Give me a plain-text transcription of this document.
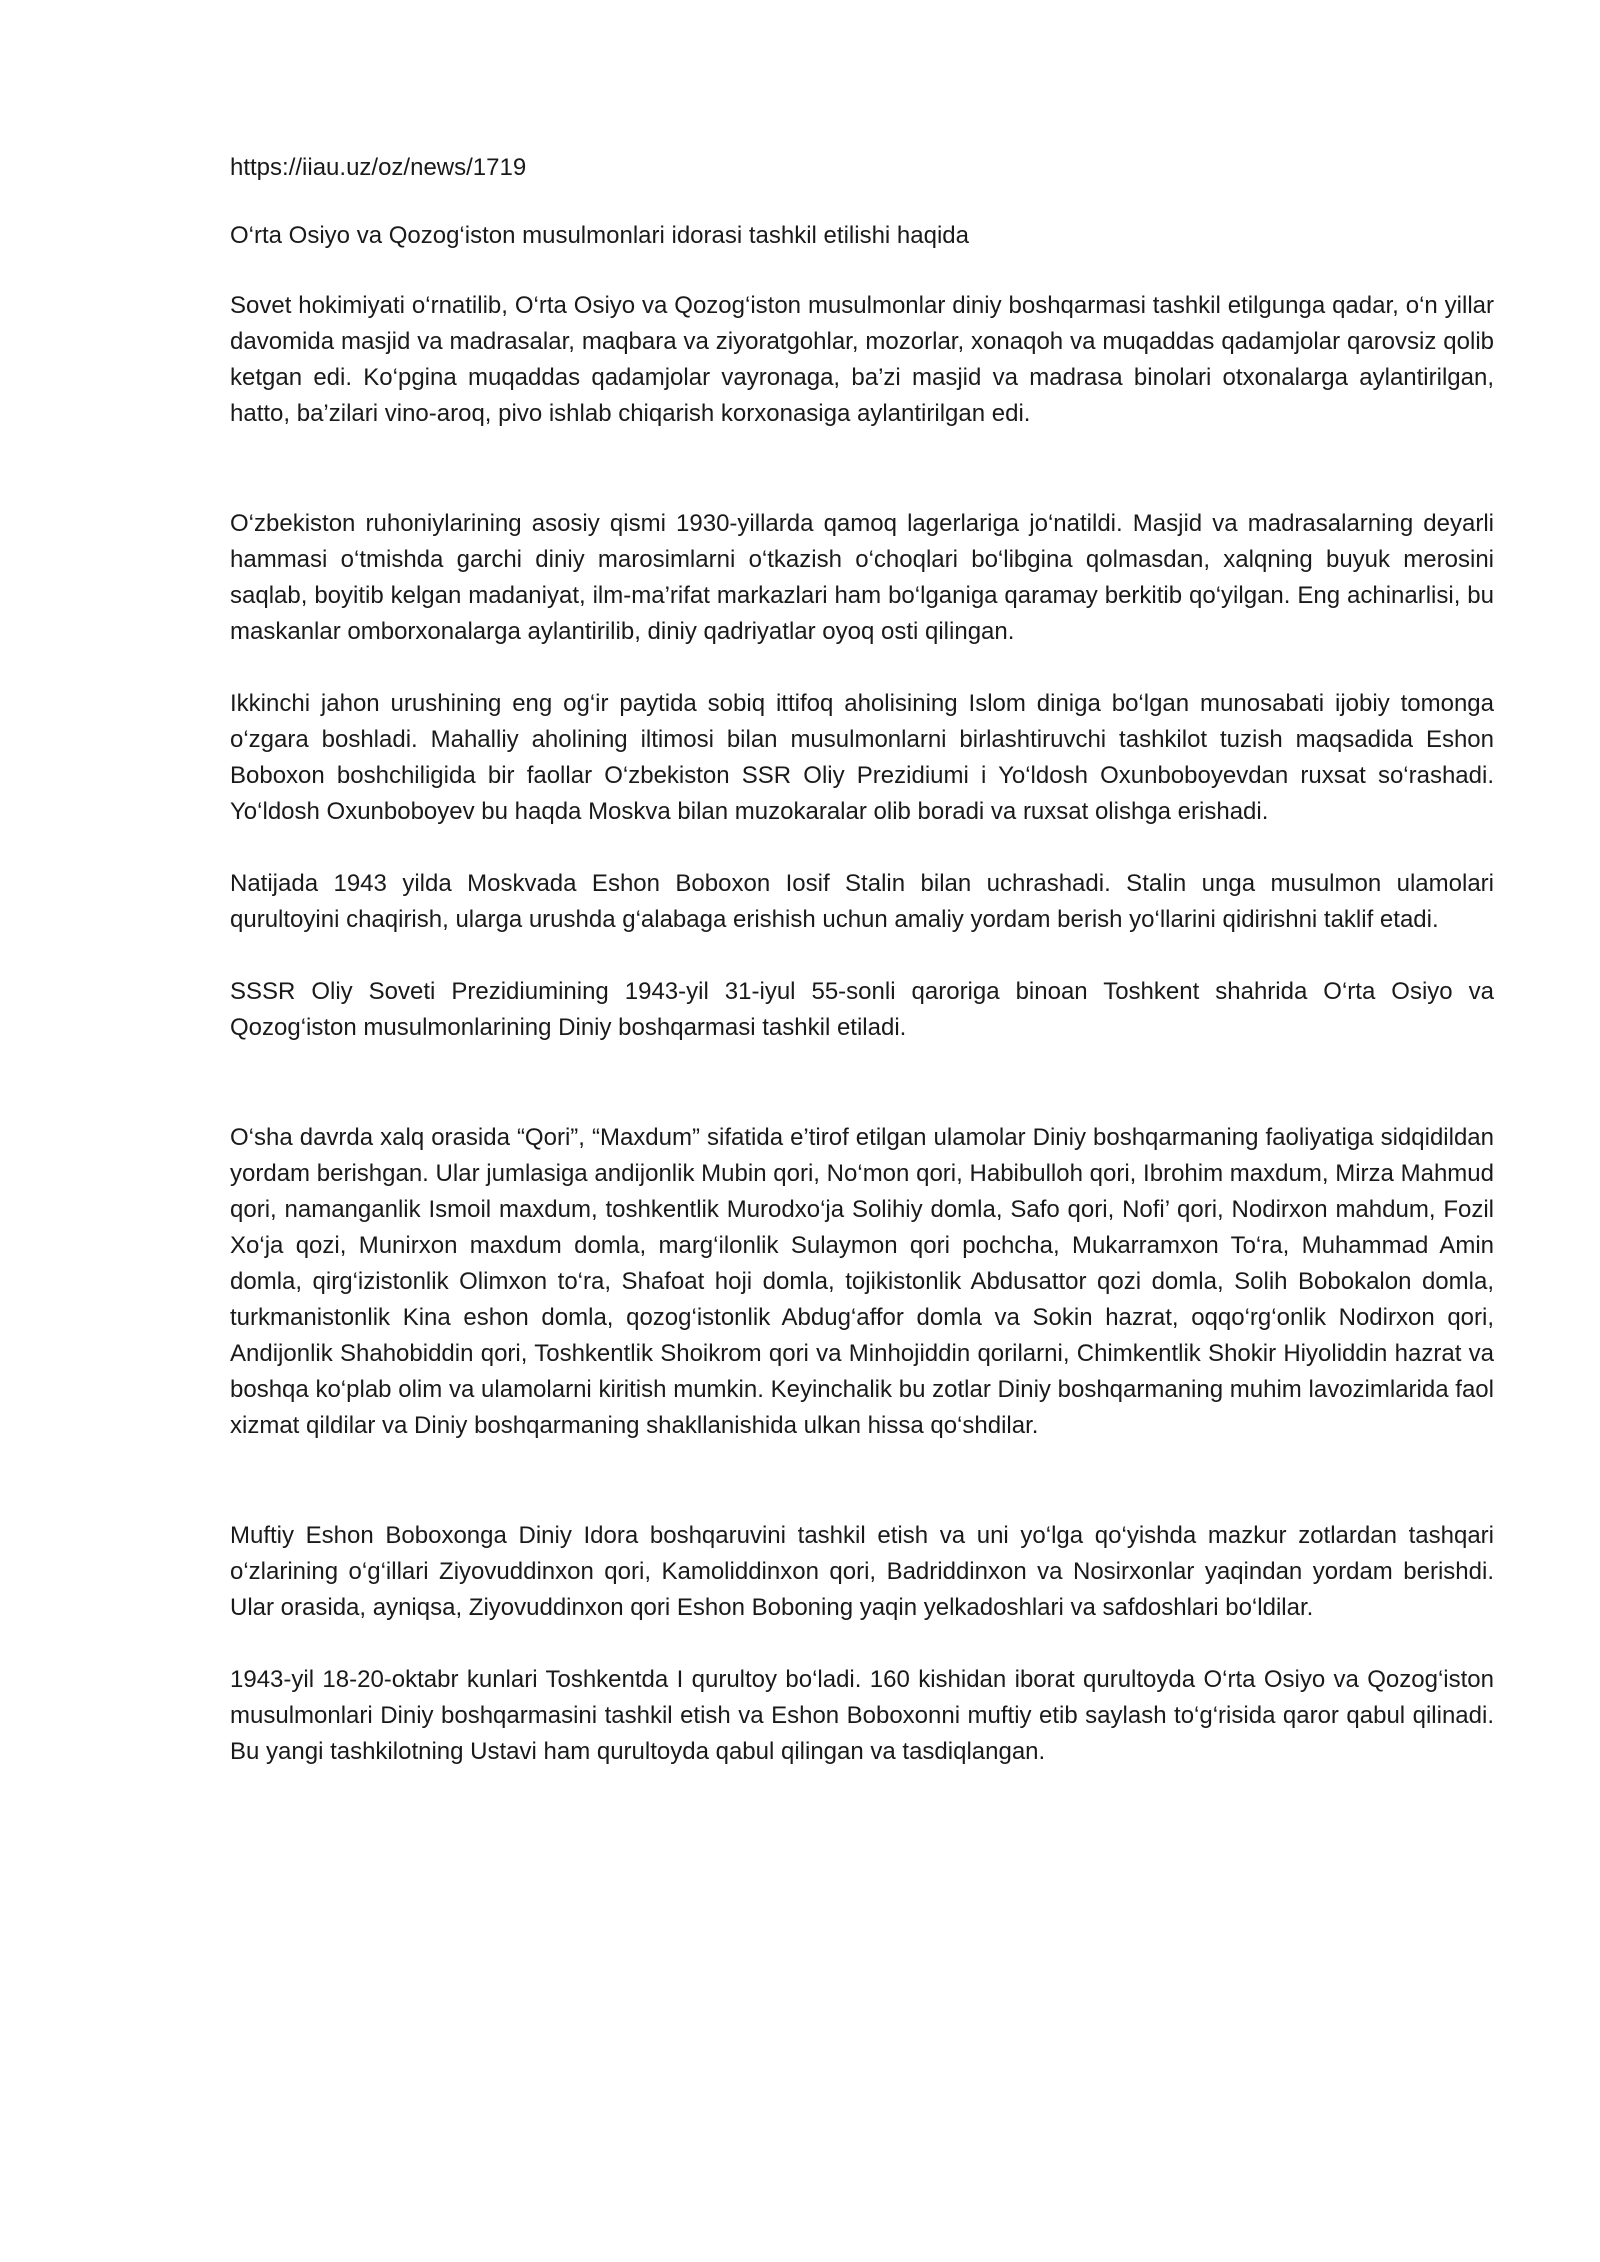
https://iiau.uz/oz/news/1719

O‘rta Osiyo va Qozog‘iston musulmonlari idorasi tashkil etilishi haqida

Sovet hokimiyati o‘rnatilib, O‘rta Osiyo va Qozog‘iston musulmonlar diniy boshqarmasi tashkil etilgunga qadar, o‘n yillar davomida masjid va madrasalar, maqbara va ziyoratgohlar, mozorlar, xonaqoh va muqaddas qadamjolar qarovsiz qolib ketgan edi. Ko‘pgina muqaddas qadamjolar vayronaga, ba’zi masjid va madrasa binolari otxonalarga aylantirilgan, hatto, ba’zilari vino-aroq, pivo ishlab chiqarish korxonasiga aylantirilgan edi.

O‘zbekiston ruhoniylarining asosiy qismi 1930-yillarda qamoq lagerlariga jo‘natildi. Masjid va madrasalarning deyarli hammasi o‘tmishda garchi diniy marosimlarni o‘tkazish o‘choqlari bo‘libgina qolmasdan, xalqning buyuk merosini saqlab, boyitib kelgan madaniyat, ilm-ma’rifat markazlari ham bo‘lganiga qaramay berkitib qo‘yilgan. Eng achinarlisi, bu maskanlar omborxonalarga aylantirilib, diniy qadriyatlar oyoq osti qilingan.

Ikkinchi jahon urushining eng og‘ir paytida sobiq ittifoq aholisining Islom diniga bo‘lgan munosabati ijobiy tomonga o‘zgara boshladi. Mahalliy aholining iltimosi bilan musulmonlarni birlashtiruvchi tashkilot tuzish maqsadida Eshon Boboxon boshchiligida bir faollar O‘zbekiston SSR Oliy Prezidiumi i Yo‘ldosh Oxunboboyevdan ruxsat so‘rashadi. Yo‘ldosh Oxunboboyev bu haqda Moskva bilan muzokaralar olib boradi va ruxsat olishga erishadi.

Natijada 1943 yilda Moskvada Eshon Boboxon Iosif Stalin bilan uchrashadi. Stalin unga musulmon ulamolari qurultoyini chaqirish, ularga urushda g‘alabaga erishish uchun amaliy yordam berish yo‘llarini qidirishni taklif etadi.

SSSR Oliy Soveti Prezidiumining 1943-yil 31-iyul 55-sonli qaroriga binoan Toshkent shahrida O‘rta Osiyo va Qozog‘iston musulmonlarining Diniy boshqarmasi tashkil etiladi.

O‘sha davrda xalq orasida “Qori”, “Maxdum” sifatida e’tirof etilgan ulamolar Diniy boshqarmaning faoliyatiga sidqidildan yordam berishgan. Ular jumlasiga andijonlik Mubin qori, No‘mon qori, Habibulloh qori, Ibrohim maxdum, Mirza Mahmud qori, namanganlik Ismoil maxdum, toshkentlik Murodxo‘ja Solihiy domla, Safo qori, Nofi’ qori, Nodirxon mahdum, Fozil Xo‘ja qozi, Munirxon maxdum domla, marg‘ilonlik Sulaymon qori pochcha, Mukarramxon To‘ra, Muhammad Amin domla, qirg‘izistonlik Olimxon to‘ra, Shafoat hoji domla, tojikistonlik Abdusattor qozi domla, Solih Bobokalon domla, turkmanistonlik Kina eshon domla, qozog‘istonlik Abdug‘affor domla va Sokin hazrat, oqqo‘rg‘onlik Nodirxon qori, Andijonlik Shahobiddin qori, Toshkentlik Shoikrom qori va Minhojiddin qorilarni, Chimkentlik Shokir Hiyoliddin hazrat va boshqa ko‘plab olim va ulamolarni kiritish mumkin. Keyinchalik bu zotlar Diniy boshqarmaning muhim lavozimlarida faol xizmat qildilar va Diniy boshqarmaning shakllanishida ulkan hissa qo‘shdilar.

Muftiy Eshon Boboxonga Diniy Idora boshqaruvini tashkil etish va uni yo‘lga qo‘yishda mazkur zotlardan tashqari o‘zlarining o‘g‘illari Ziyovuddinxon qori, Kamoliddinxon qori, Badriddinxon va Nosirxonlar yaqindan yordam berishdi. Ular orasida, ayniqsa, Ziyovuddinxon qori Eshon Boboning yaqin yelkadoshlari va safdoshlari bo‘ldilar.

1943-yil 18-20-oktabr kunlari Toshkentda I qurultoy bo‘ladi. 160 kishidan iborat qurultoyda O‘rta Osiyo va Qozog‘iston musulmonlari Diniy boshqarmasini tashkil etish va Eshon Boboxonni muftiy etib saylash to‘g‘risida qaror qabul qilinadi. Bu yangi tashkilotning Ustavi ham qurultoyda qabul qilingan va tasdiqlangan.
